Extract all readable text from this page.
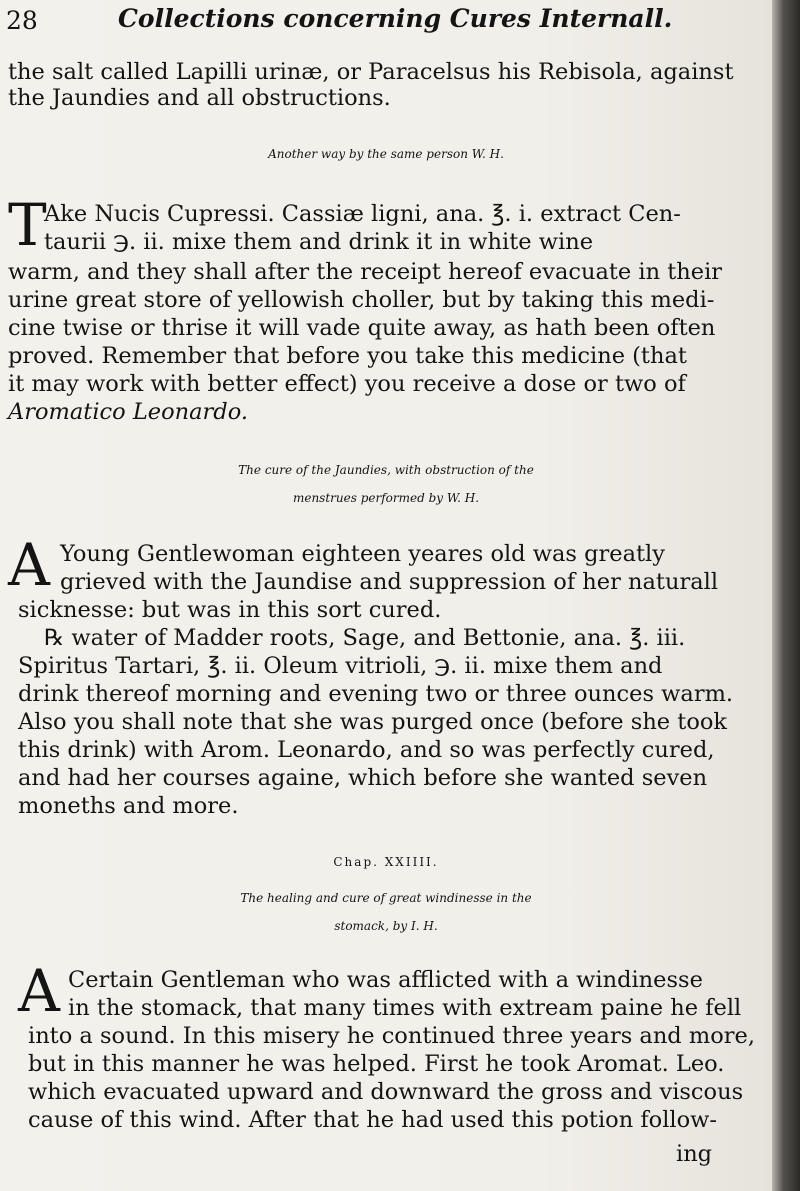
28	Collections concerning Cures Internall.
the salt called Lapilli urinæ, or Paracelsus his Rebisola, against
the Jaundies and all obstructions.
Another way by the same person W. H.
T
Ake Nucis Cupressi. Cassiæ ligni, ana. ℥. i. extract Cen-
taurii ℈. ii. mixe them and drink it in white wine
warm, and they shall after the receipt hereof evacuate in their
urine great store of yellowish choller, but by taking this medi-
cine twise or thrise it will vade quite away, as hath been often
proved. Remember that before you take this medicine (that
it may work with better effect) you receive a dose or two of
Aromatico Leonardo.
The cure of the Jaundies, with obstruction of the
menstrues performed by W. H.
A Young Gentlewoman eighteen yeares old was greatly
grieved with the Jaundise and suppression of her naturall
sicknesse: but was in this sort cured.
℞ water of Madder roots, Sage, and Bettonie, ana. ℥. iii.
Spiritus Tartari, ℥. ii. Oleum vitrioli, ℈. ii. mixe them and
drink thereof morning and evening two or three ounces warm.
Also you shall note that she was purged once (before she took
this drink) with Arom. Leonardo, and so was perfectly cured,
and had her courses againe, which before she wanted seven
moneths and more.
Chap. XXIIII.
The healing and cure of great windinesse in the
stomack, by I. H.
A Certain Gentleman who was afflicted with a windinesse
in the stomack, that many times with extream paine he fell
into a sound. In this misery he continued three years and more,
but in this manner he was helped. First he took Aromat. Leo.
which evacuated upward and downward the gross and viscous
cause of this wind. After that he had used this potion follow-
ing
